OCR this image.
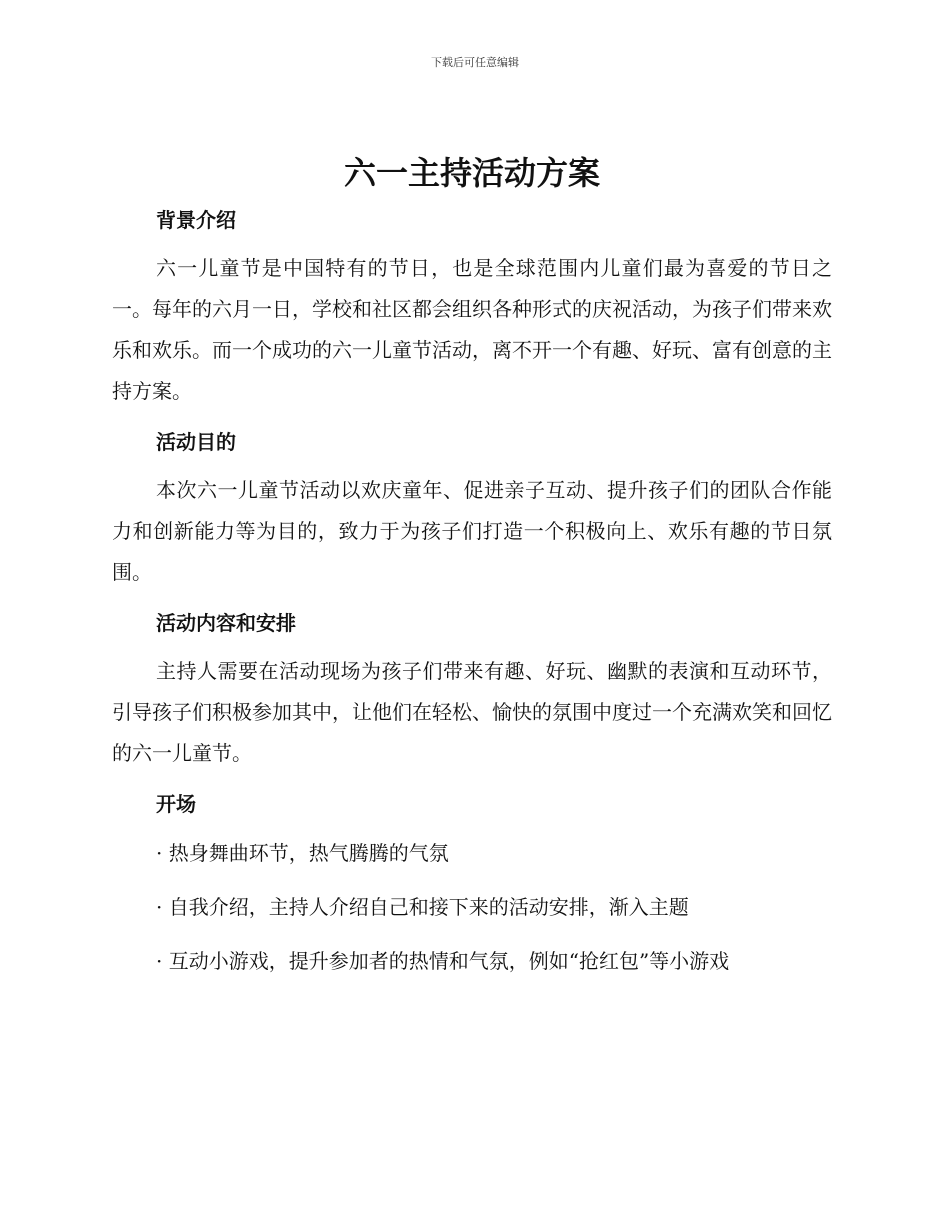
下载后可任意编辑
六一主持活动方案
背景介绍

六一儿童节是中国特有的节日，也是全球范围内儿童们最为喜爱的节日之一。每年的六月一日，学校和社区都会组织各种形式的庆祝活动，为孩子们带来欢乐和欢乐。而一个成功的六一儿童节活动，离不开一个有趣、好玩、富有创意的主持方案。

活动目的

本次六一儿童节活动以欢庆童年、促进亲子互动、提升孩子们的团队合作能力和创新能力等为目的，致力于为孩子们打造一个积极向上、欢乐有趣的节日氛围。

活动内容和安排

主持人需要在活动现场为孩子们带来有趣、好玩、幽默的表演和互动环节，引导孩子们积极参加其中，让他们在轻松、愉快的氛围中度过一个充满欢笑和回忆的六一儿童节。

开场

· 热身舞曲环节，热气腾腾的气氛

· 自我介绍，主持人介绍自己和接下来的活动安排，渐入主题

· 互动小游戏，提升参加者的热情和气氛，例如“抢红包”等小游戏
